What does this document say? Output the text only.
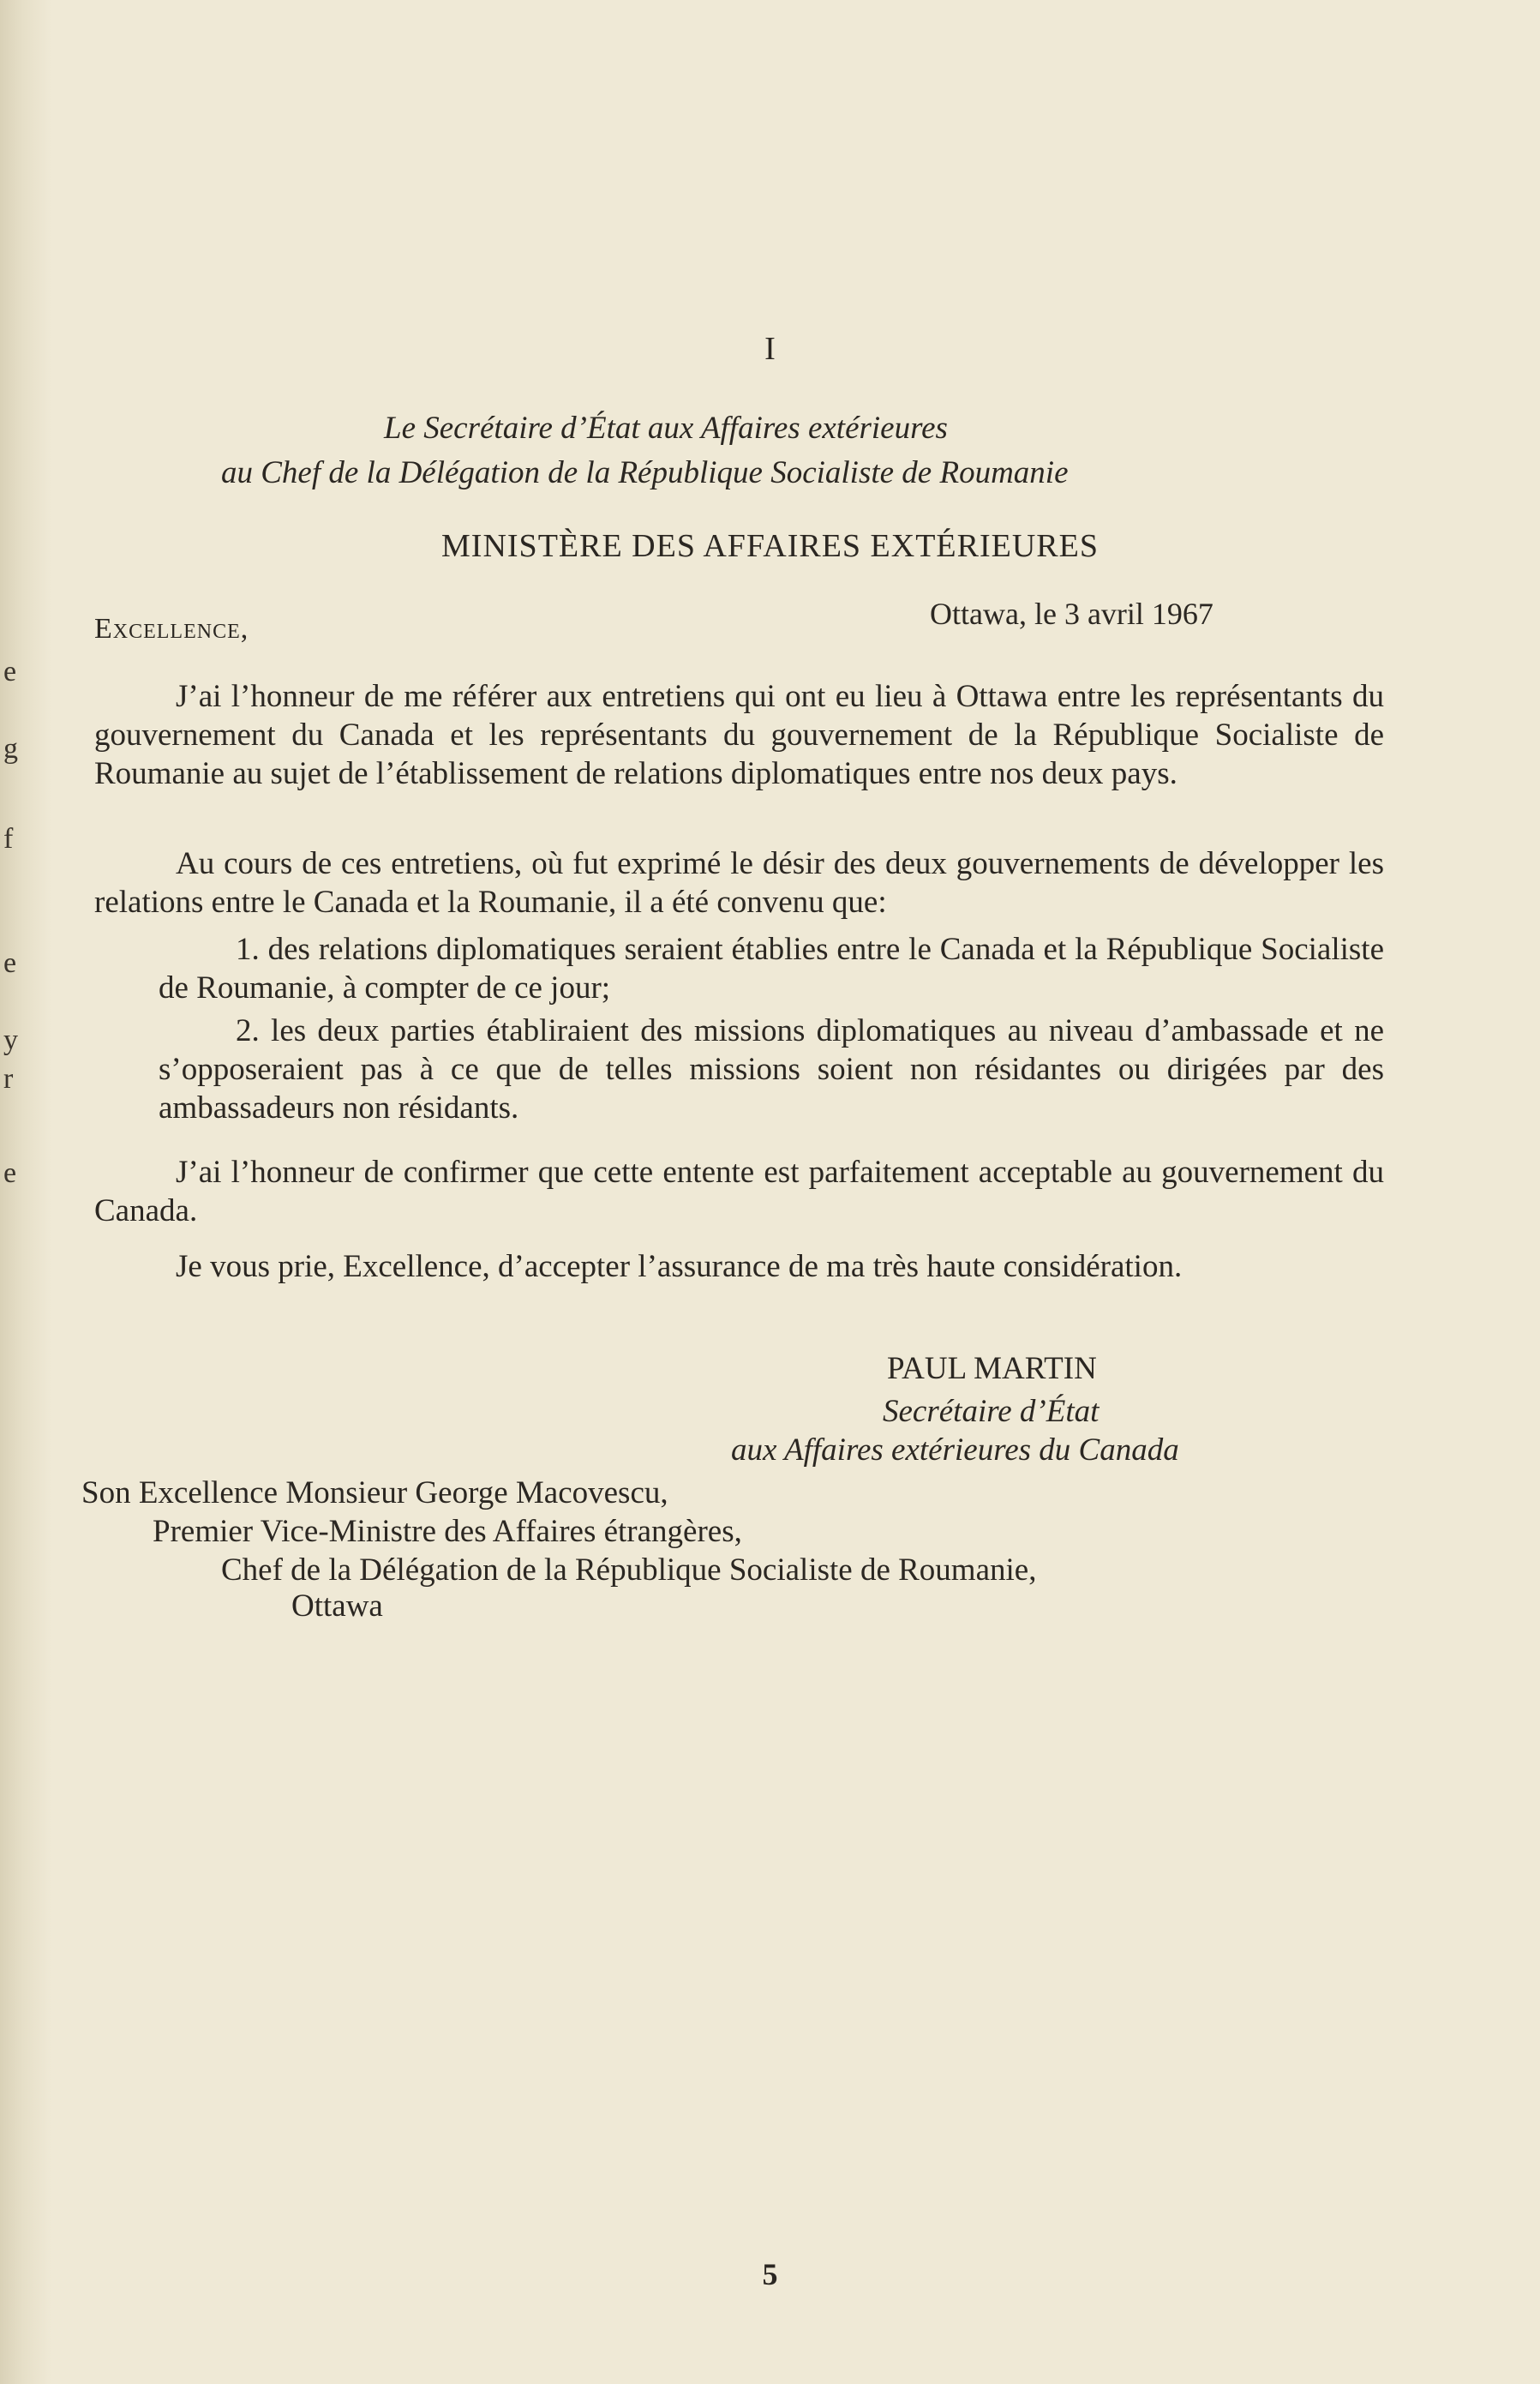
e
g
f
e
y
r
e
I
Le Secrétaire d’État aux Affaires extérieures
au Chef de la Délégation de la République Socialiste de Roumanie
MINISTÈRE DES AFFAIRES EXTÉRIEURES
Excellence,	Ottawa, le 3 avril 1967
J’ai l’honneur de me référer aux entretiens qui ont eu lieu à Ottawa entre les représentants du gouvernement du Canada et les représentants du gouvernement de la République Socialiste de Roumanie au sujet de l’établissement de relations diplomatiques entre nos deux pays.
Au cours de ces entretiens, où fut exprimé le désir des deux gouvernements de développer les relations entre le Canada et la Roumanie, il a été convenu que:
1. des relations diplomatiques seraient établies entre le Canada et la République Socialiste de Roumanie, à compter de ce jour;
2. les deux parties établiraient des missions diplomatiques au niveau d’ambassade et ne s’opposeraient pas à ce que de telles missions soient non résidantes ou dirigées par des ambassadeurs non résidants.
J’ai l’honneur de confirmer que cette entente est parfaitement acceptable au gouvernement du Canada.
Je vous prie, Excellence, d’accepter l’assurance de ma très haute considération.
PAUL MARTIN
Secrétaire d’État
aux Affaires extérieures du Canada
Son Excellence Monsieur George Macovescu,
Premier Vice-Ministre des Affaires étrangères,
Chef de la Délégation de la République Socialiste de Roumanie,
Ottawa
5
